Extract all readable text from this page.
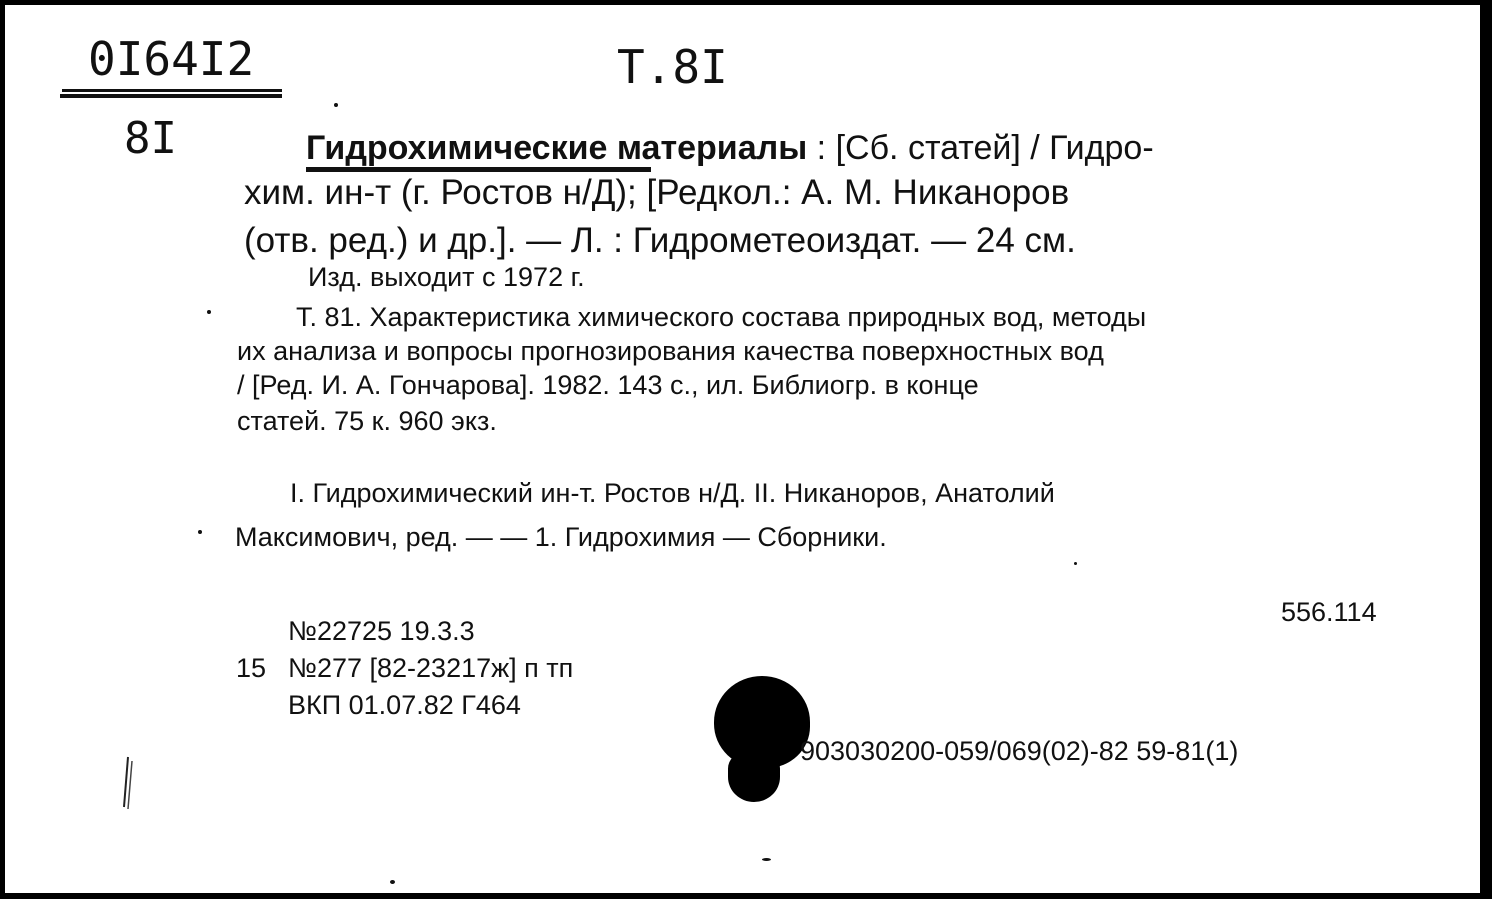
0I64I2	Т.8I
8I	Гидрохимические материалы : [Сб. статей] / Гидро-
хим. ин-т (г. Ростов н/Д); [Редкол.: А. М. Никаноров
(отв. ред.) и др.]. — Л. : Гидрометеоиздат. — 24 см.
Изд. выходит с 1972 г.
Т. 81. Характеристика химического состава природных вод, методы
их анализа и вопросы прогнозирования качества поверхностных вод
/ [Ред. И. А. Гончарова]. 1982. 143 с., ил. Библиогр. в конце
статей. 75 к. 960 экз.
I. Гидрохимический ин-т. Ростов н/Д. II. Никаноров, Анатолий
Максимович, ред. — — 1. Гидрохимия — Сборники.
556.114
№22725 19.3.3
15 №277 [82-23217ж] п тп
ВКП 01.07.82 Г464
903030200-059/069(02)-82 59-81(1)
